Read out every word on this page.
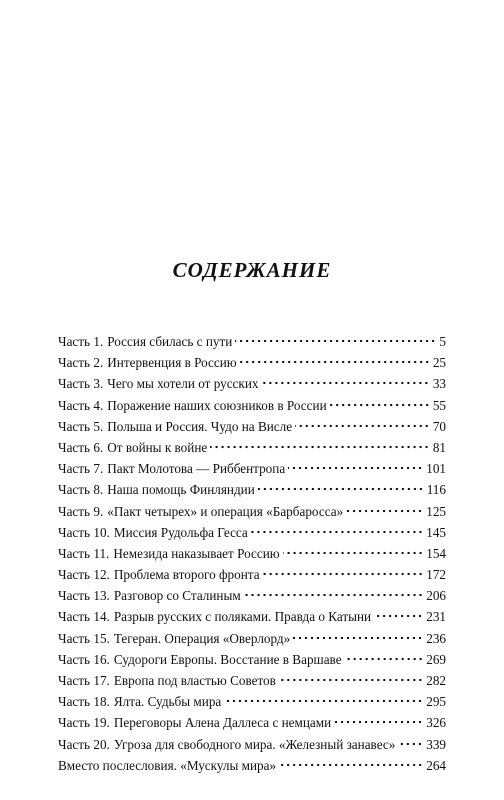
СОДЕРЖАНИЕ
Часть 1. Россия сбилась с пути	5
Часть 2. Интервенция в Россию	25
Часть 3. Чего мы хотели от русских	33
Часть 4. Поражение наших союзников в России	55
Часть 5. Польша и Россия. Чудо на Висле	70
Часть 6. От войны к войне	81
Часть 7. Пакт Молотова — Риббентропа	101
Часть 8. Наша помощь Финляндии	116
Часть 9. «Пакт четырех» и операция «Барбаросса»	125
Часть 10. Миссия Рудольфа Гесса	145
Часть 11. Немезида наказывает Россию	154
Часть 12. Проблема второго фронта	172
Часть 13. Разговор со Сталиным	206
Часть 14. Разрыв русских с поляками. Правда о Катыни	231
Часть 15. Тегеран. Операция «Оверлорд»	236
Часть 16. Судороги Европы. Восстание в Варшаве	269
Часть 17. Европа под властью Советов	282
Часть 18. Ялта. Судьбы мира	295
Часть 19. Переговоры Алена Даллеса с немцами	326
Часть 20. Угроза для свободного мира. «Железный занавес» 339
Вместо послесловия. «Мускулы мира»	264
